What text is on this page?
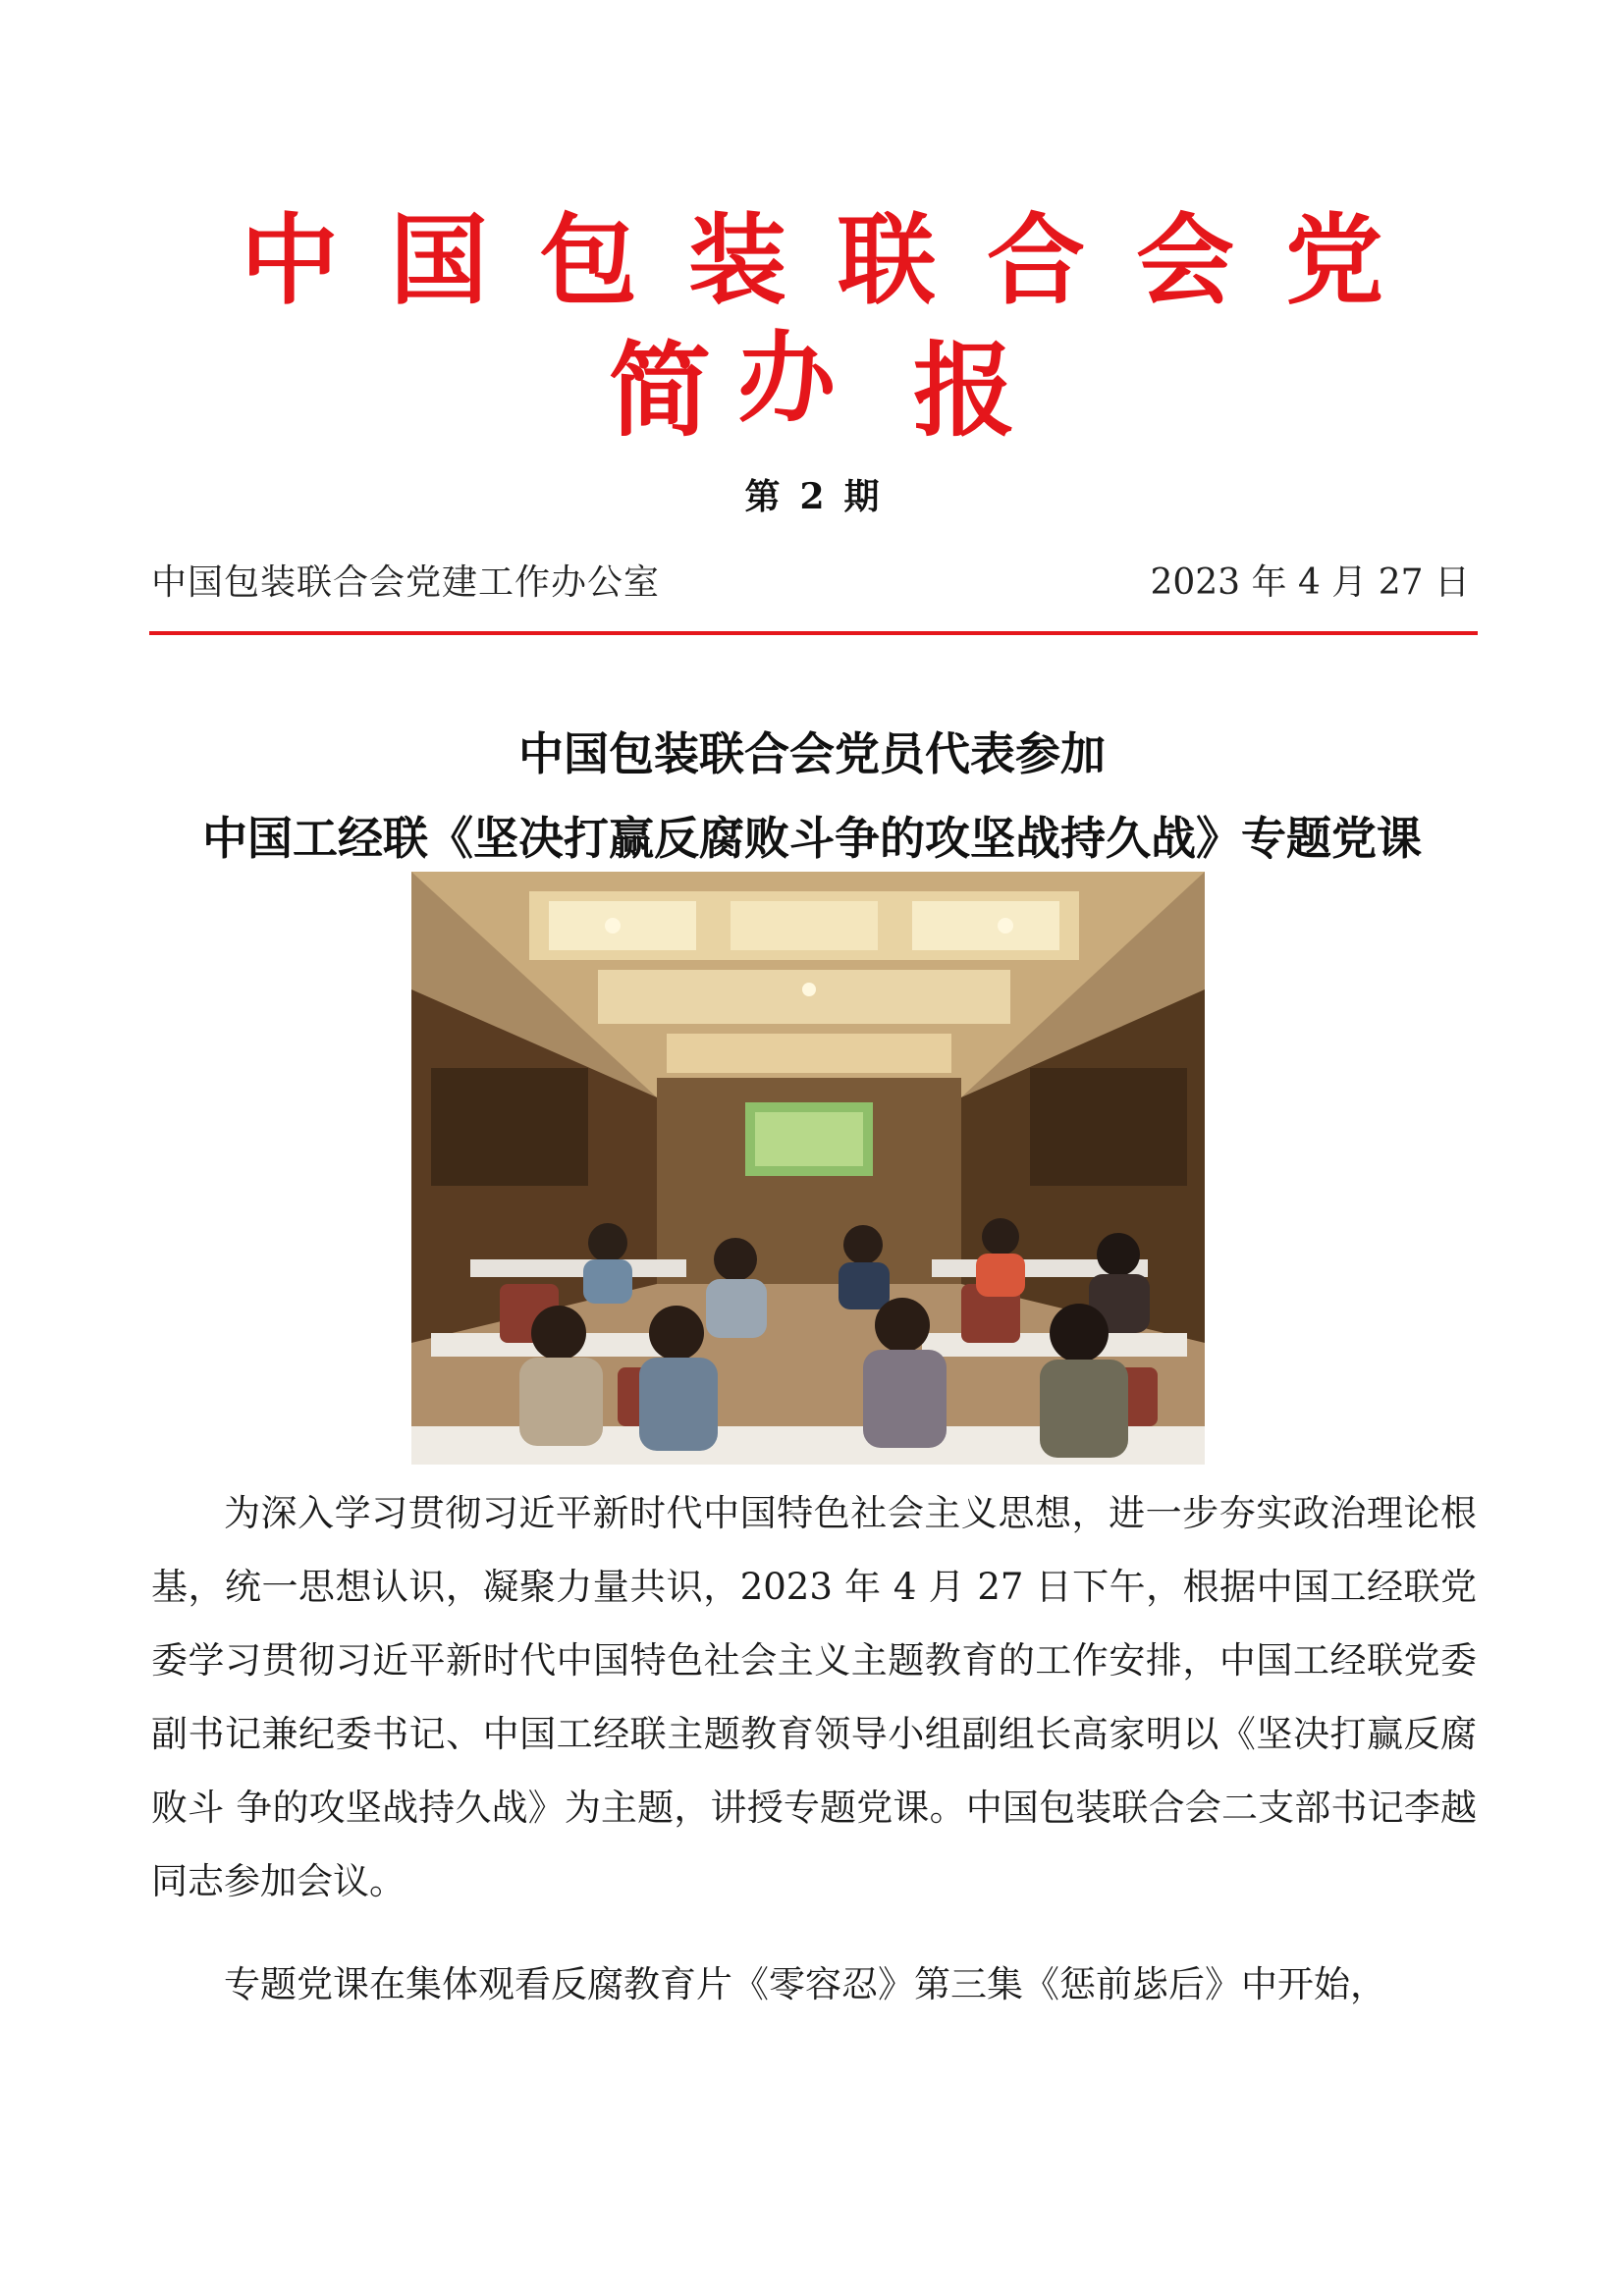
中国包装联合会党办
简 报
第 2 期
中国包装联合会党建工作办公室	2023 年 4 月 27 日
中国包装联合会党员代表参加
中国工经联《坚决打赢反腐败斗争的攻坚战持久战》专题党课

为深入学习贯彻习近平新时代中国特色社会主义思想，进一步夯实政治理论根基，统一思想认识，凝聚力量共识，2023 年 4 月 27 日下午，根据中国工经联党委学习贯彻习近平新时代中国特色社会主义主题教育的工作安排，中国工经联党委副书记兼纪委书记、中国工经联主题教育领导小组副组长高家明以《坚决打赢反腐败斗 争的攻坚战持久战》为主题，讲授专题党课。中国包装联合会二支部书记李越同志参加会议。

专题党课在集体观看反腐教育片《零容忍》第三集《惩前毖后》中开始，
